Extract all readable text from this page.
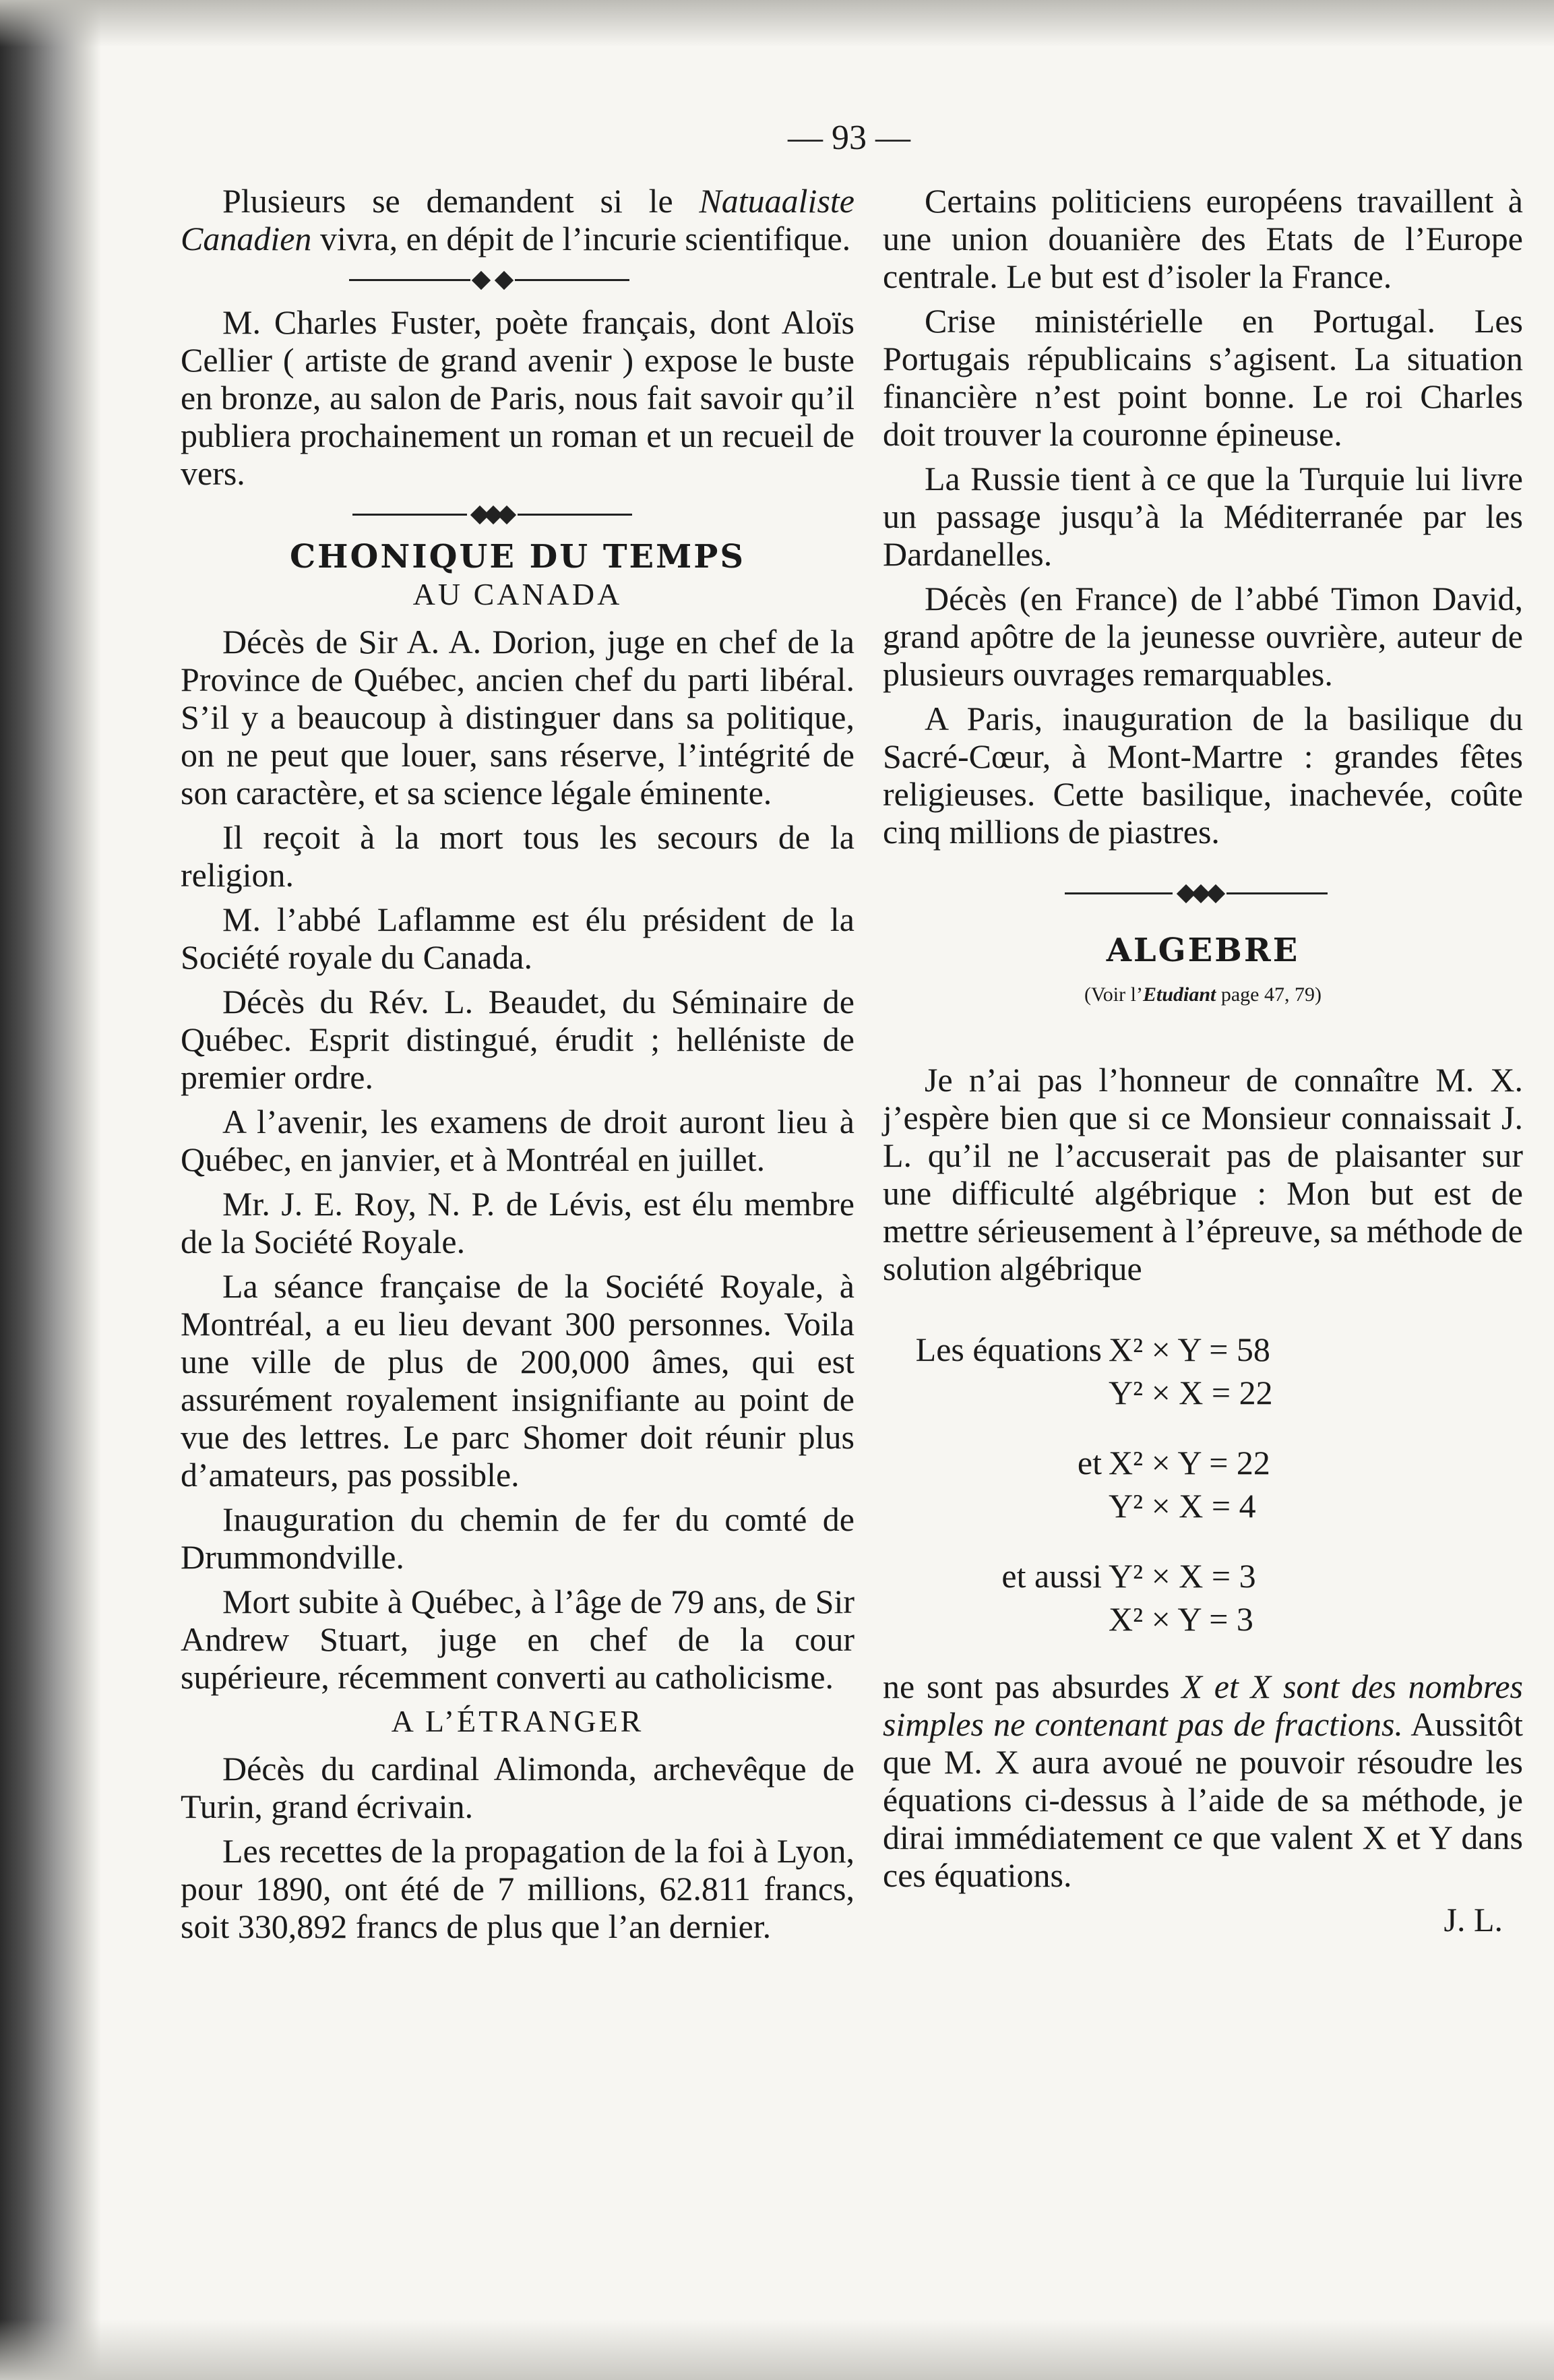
— 93 —

Plusieurs se demandent si le Natuaaliste Canadien vivra, en dépit de l’incurie scientifique.

M. Charles Fuster, poète français, dont Aloïs Cellier ( artiste de grand avenir ) expose le buste en bronze, au salon de Paris, nous fait savoir qu’il publiera prochainement un roman et un recueil de vers.

CHONIQUE DU TEMPS
AU CANADA

Décès de Sir A. A. Dorion, juge en chef de la Province de Québec, ancien chef du parti libéral. S’il y a beaucoup à distinguer dans sa politique, on ne peut que louer, sans réserve, l’intégrité de son caractère, et sa science légale éminente.

Il reçoit à la mort tous les secours de la religion.

M. l’abbé Laflamme est élu président de la Société royale du Canada.

Décès du Rév. L. Beaudet, du Séminaire de Québec. Esprit distingué, érudit ; helléniste de premier ordre.

A l’avenir, les examens de droit auront lieu à Québec, en janvier, et à Montréal en juillet.

Mr. J. E. Roy, N. P. de Lévis, est élu membre de la Société Royale.

La séance française de la Société Royale, à Montréal, a eu lieu devant 300 personnes. Voila une ville de plus de 200,000 âmes, qui est assurément royalement insignifiante au point de vue des lettres. Le parc Shomer doit réunir plus d’amateurs, pas possible.

Inauguration du chemin de fer du comté de Drummondville.

Mort subite à Québec, à l’âge de 79 ans, de Sir Andrew Stuart, juge en chef de la cour supérieure, récemment converti au catholicisme.

A L’ÉTRANGER

Décès du cardinal Alimonda, archevêque de Turin, grand écrivain.

Les recettes de la propagation de la foi à Lyon, pour 1890, ont été de 7 millions, 62.811 francs, soit 330,892 francs de plus que l’an dernier.

Certains politiciens européens travaillent à une union douanière des Etats de l’Europe centrale. Le but est d’isoler la France.

Crise ministérielle en Portugal. Les Portugais républicains s’agisent. La situation financière n’est point bonne. Le roi Charles doit trouver la couronne épineuse.

La Russie tient à ce que la Turquie lui livre un passage jusqu’à la Méditerranée par les Dardanelles.

Décès (en France) de l’abbé Timon David, grand apôtre de la jeunesse ouvrière, auteur de plusieurs ouvrages remarquables.

A Paris, inauguration de la basilique du Sacré-Cœur, à Mont-Martre : grandes fêtes religieuses. Cette basilique, inachevée, coûte cinq millions de piastres.

ALGEBRE
(Voir l’Etudiant page 47, 79)

Je n’ai pas l’honneur de connaître M. X. j’espère bien que si ce Monsieur connaissait J. L. qu’il ne l’accuserait pas de plaisanter sur une difficulté algébrique : Mon but est de mettre sérieusement à l’épreuve, sa méthode de solution algébrique

Les équations X² × Y = 58
Y² × X = 22
et X² × Y = 22
Y² × X = 4
et aussi Y² × X = 3
X² × Y = 3

ne sont pas absurdes X et X sont des nombres simples ne contenant pas de fractions. Aussitôt que M. X aura avoué ne pouvoir résoudre les équations ci-dessus à l’aide de sa méthode, je dirai immédiatement ce que valent X et Y dans ces équations.

J. L.
